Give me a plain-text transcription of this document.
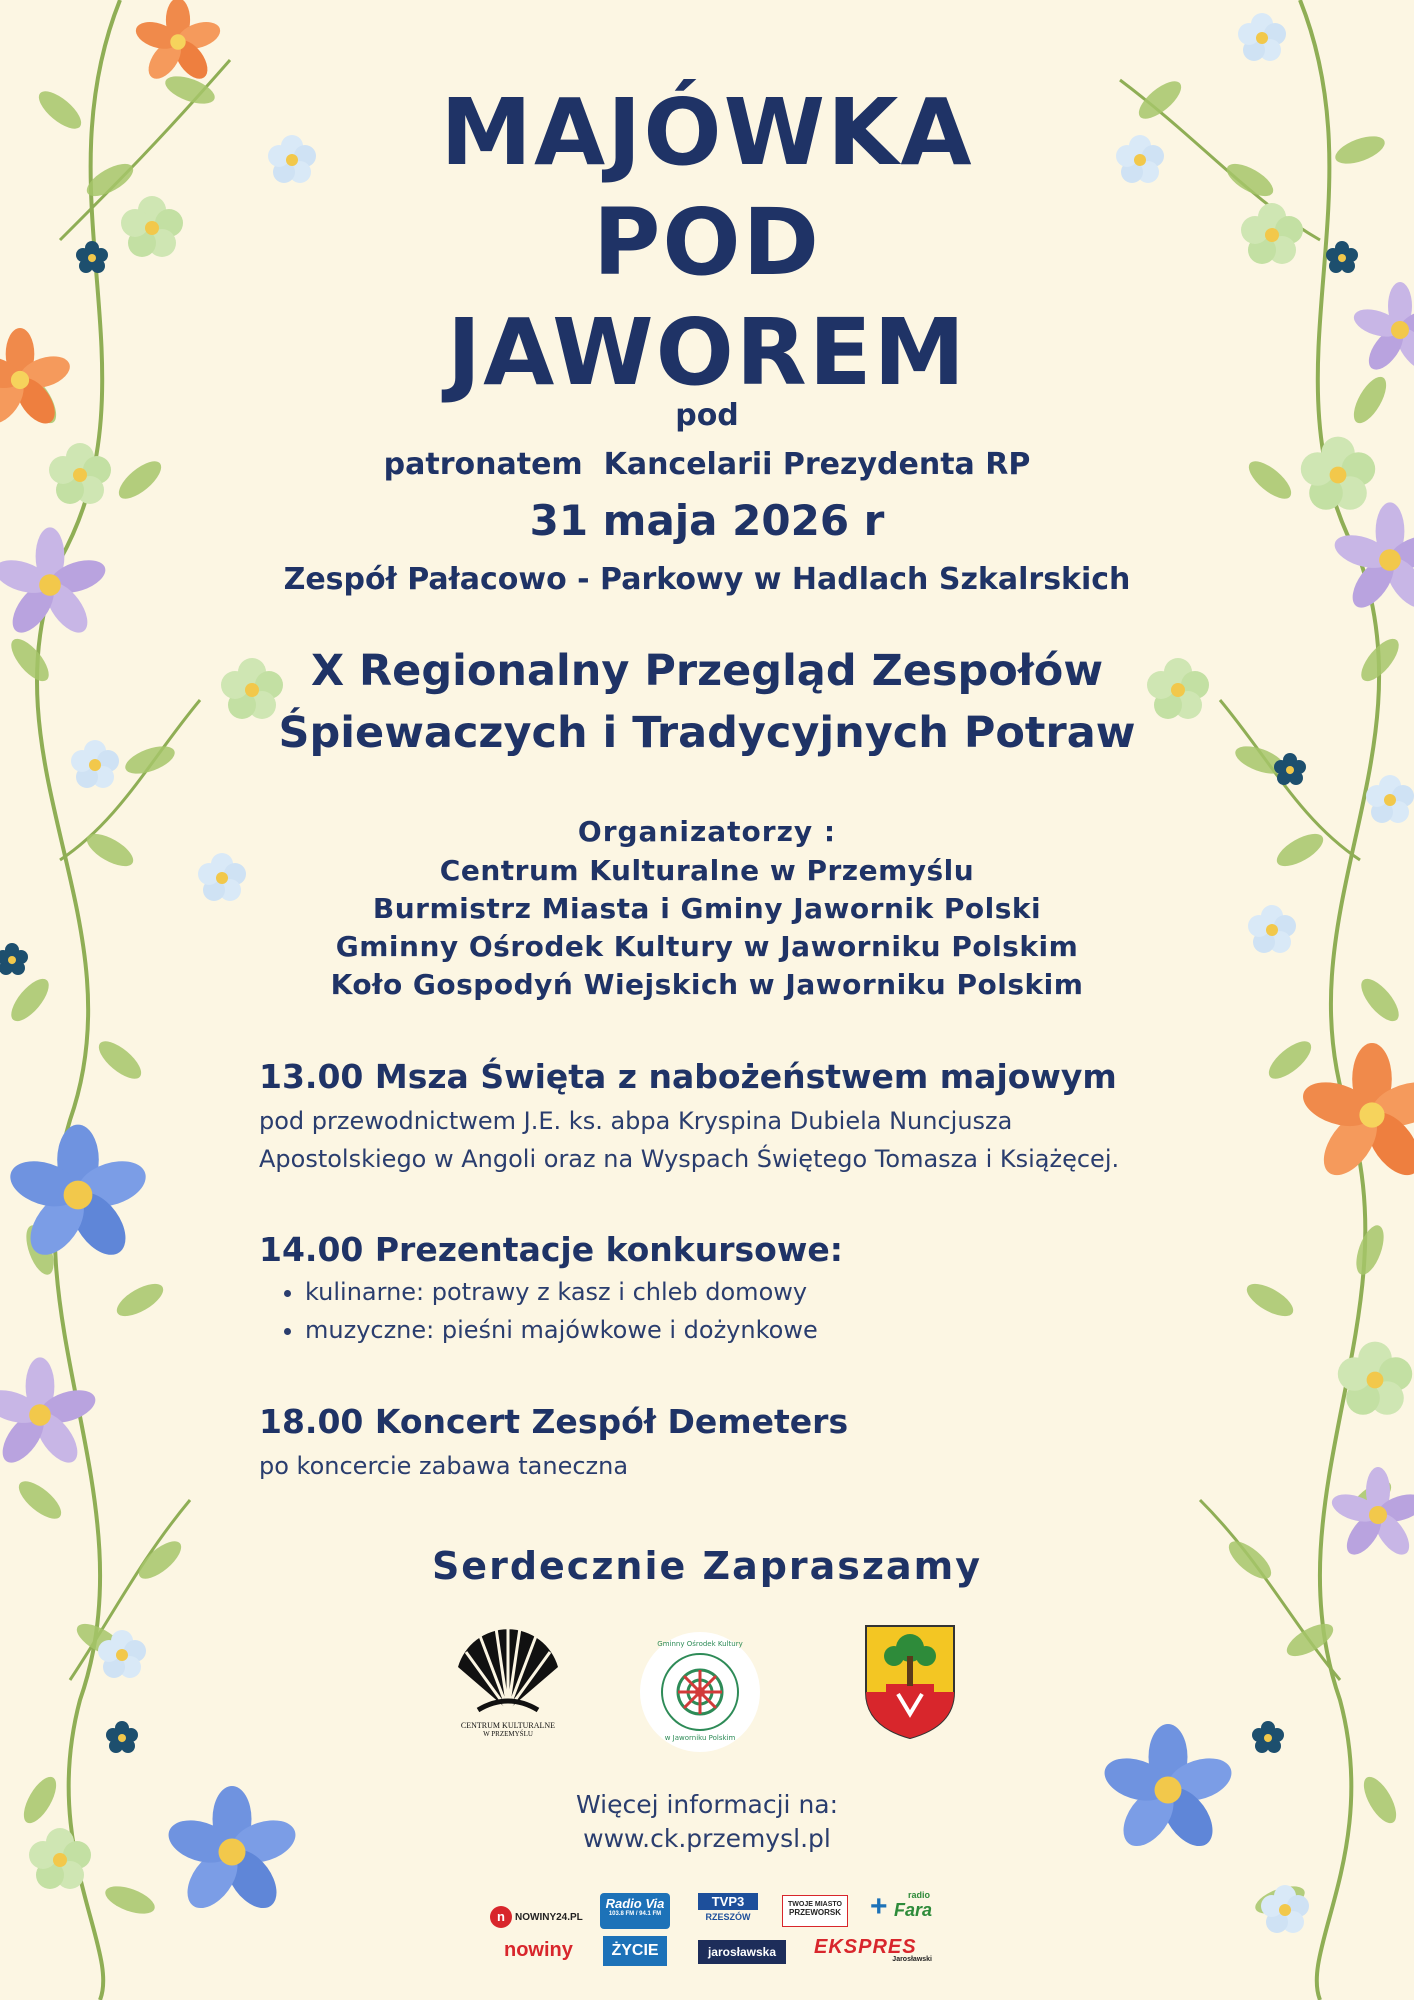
MAJÓWKA
POD
JAWOREM
pod
patronatem  Kancelarii Prezydenta RP
31 maja 2026 r
Zespół Pałacowo - Parkowy w Hadlach Szkalrskich
X Regionalny Przegląd Zespołów
Śpiewaczych i Tradycyjnych Potraw
Organizatorzy :
Centrum Kulturalne w Przemyślu
Burmistrz Miasta i Gminy Jawornik Polski
Gminny Ośrodek Kultury w Jaworniku Polskim
Koło Gospodyń Wiejskich w Jaworniku Polskim
13.00 Msza Święta z nabożeństwem majowym

pod przewodnictwem J.E. ks. abpa Kryspina Dubiela Nuncjusza
Apostolskiego w Angoli oraz na Wyspach Świętego Tomasza i Książęcej.

14.00 Prezentacje konkursowe:
• kulinarne: potrawy z kasz i chleb domowy
• muzyczne: pieśni majówkowe i dożynkowe
18.00 Koncert Zespół Demeters

po koncercie zabawa taneczna

Serdecznie Zapraszamy
CENTRUM KULTURALNE
W PRZEMYŚLU
Gminny Ośrodek Kultury
w Jaworniku Polskim
Więcej informacji na:
www.ck.przemysl.pl
n	NOWINY24.PL
Radio Via
103.8 FM / 94.1 FM
TVP3
RZESZÓW
TWOJE MIASTO
PRZEWORSK + radio
Fara
nowiny	ŻYCIE	jarosławska	EKSPRES
Jarosławski
